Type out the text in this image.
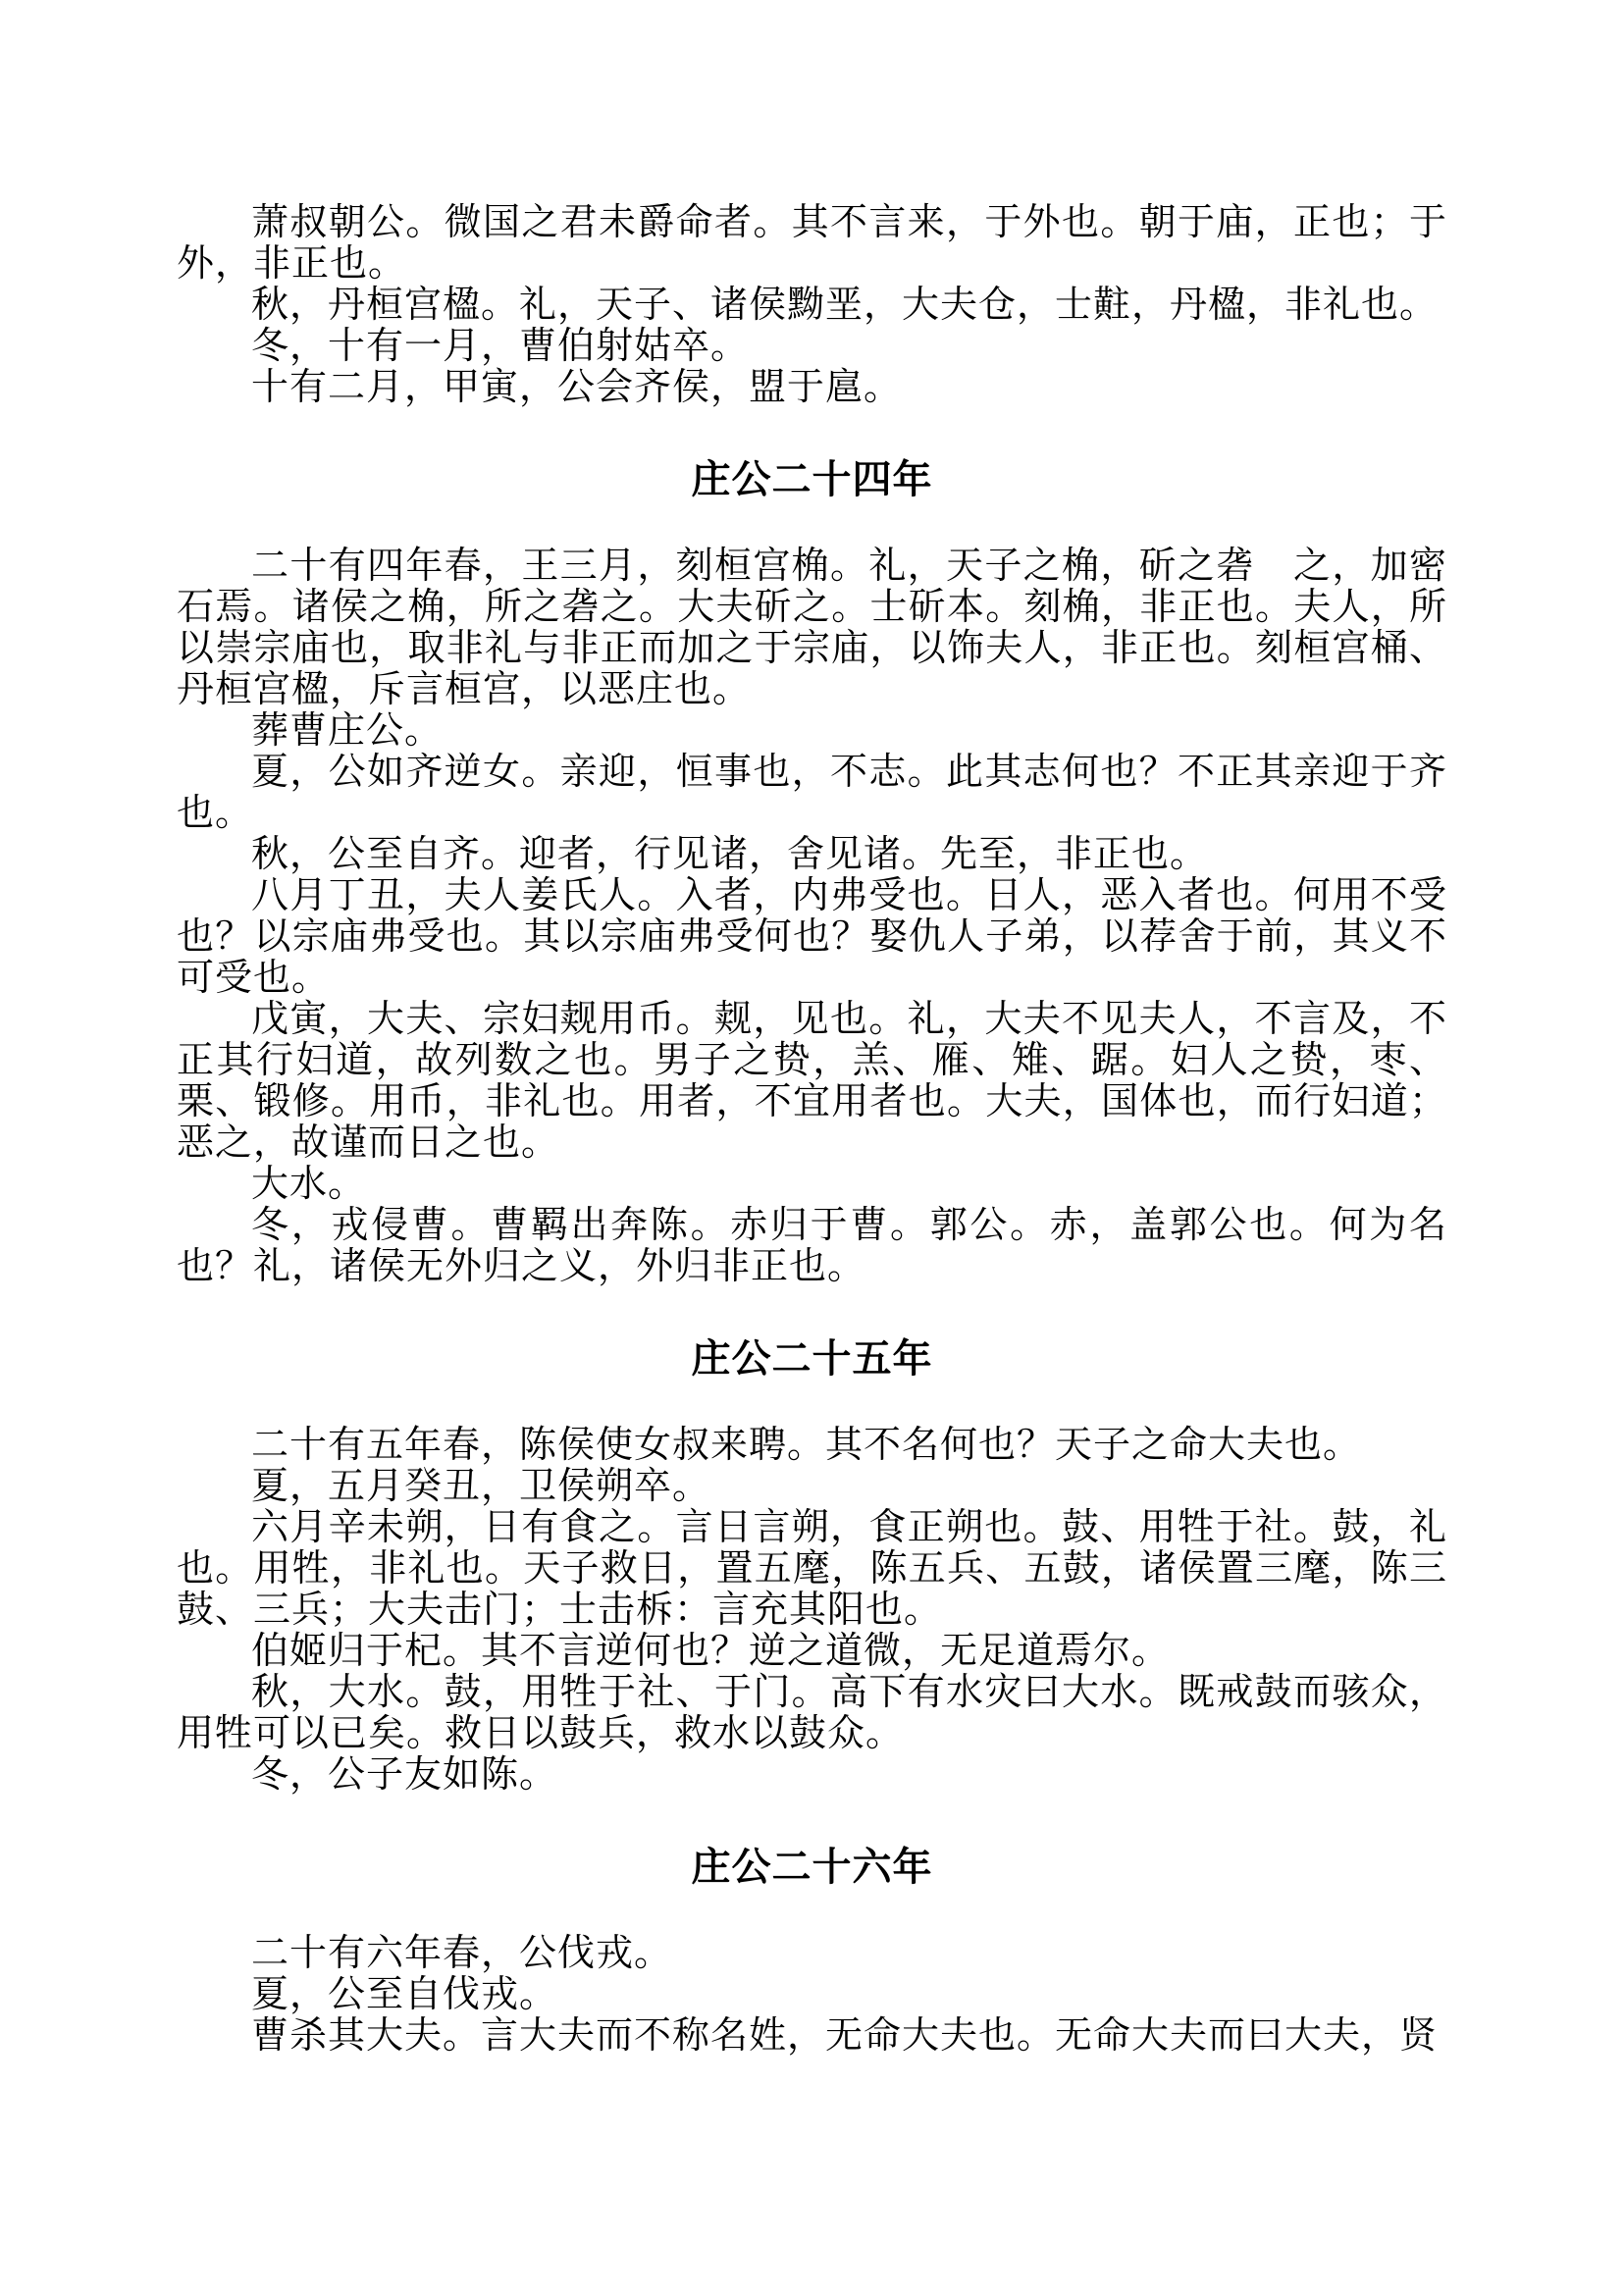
萧叔朝公。微国之君未爵命者。其不言来，于外也。朝于庙，正也；于外，非正也。

秋，丹桓宫楹。礼，天子、诸侯黝垩，大夫仓，士黈，丹楹，非礼也。

冬，十有一月，曹伯射姑卒。

十有二月，甲寅，公会齐侯，盟于扈。

庄公二十四年

二十有四年春，王三月，刻桓宫桷。礼，天子之桷，斫之砻　之，加密石焉。诸侯之桷，所之砻之。大夫斫之。士斫本。刻桷，非正也。夫人，所以崇宗庙也，取非礼与非正而加之于宗庙，以饰夫人，非正也。刻桓宫桶、丹桓宫楹，斥言桓宫，以恶庄也。

葬曹庄公。

夏，公如齐逆女。亲迎，恒事也，不志。此其志何也？不正其亲迎于齐也。

秋，公至自齐。迎者，行见诸，舍见诸。先至，非正也。

八月丁丑，夫人姜氏人。入者，内弗受也。日人，恶入者也。何用不受也？以宗庙弗受也。其以宗庙弗受何也？娶仇人子弟，以荐舍于前，其义不可受也。

戊寅，大夫、宗妇觌用币。觌，见也。礼，大夫不见夫人，不言及，不正其行妇道，故列数之也。男子之贽，羔、雁、雉、踞。妇人之贽，枣、栗、锻修。用币，非礼也。用者，不宜用者也。大夫，国体也，而行妇道；恶之，故谨而日之也。

大水。

冬，戎侵曹。曹羁出奔陈。赤归于曹。郭公。赤，盖郭公也。何为名也？礼，诸侯无外归之义，外归非正也。

庄公二十五年

二十有五年春，陈侯使女叔来聘。其不名何也？天子之命大夫也。

夏，五月癸丑，卫侯朔卒。

六月辛未朔，日有食之。言日言朔，食正朔也。鼓、用牲于社。鼓，礼也。用牲，非礼也。天子救日，置五麾，陈五兵、五鼓，诸侯置三麾，陈三鼓、三兵；大夫击门；士击柝：言充其阳也。

伯姬归于杞。其不言逆何也？逆之道微，无足道焉尔。

秋，大水。鼓，用牲于社、于门。高下有水灾曰大水。既戒鼓而骇众，用牲可以已矣。救日以鼓兵，救水以鼓众。

冬，公子友如陈。

庄公二十六年

二十有六年春，公伐戎。

夏，公至自伐戎。

曹杀其大夫。言大夫而不称名姓，无命大夫也。无命大夫而曰大夫，贤
